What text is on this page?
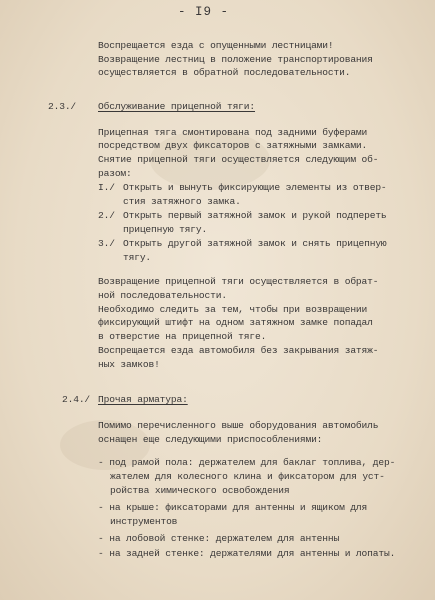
- I9 -
Воспрещается езда с опущенными лестницами!
Возвращение лестниц в положение транспортирования
осуществляется в обратной последовательности.
2.3./ Обслуживание прицепной тяги:
Прицепная тяга смонтирована под задними буферами
посредством двух фиксаторов с затяжными замками.
Снятие прицепной тяги осуществляется следующим об-
разом:
I./ Открыть и вынуть фиксирующие элементы из отвер-
стия затяжного замка.
2./ Открыть первый затяжной замок и рукой подпереть
прицепную тягу.
3./ Открыть другой затяжной замок и снять прицепную
тягу.
Возвращение прицепной тяги осуществляется в обрат-
ной последовательности.
Необходимо следить за тем, чтобы при возвращении
фиксирующий штифт на одном затяжном замке попадал
в отверстие на прицепной тяге.
Воспрещается езда автомобиля без закрывания затяж-
ных замков!
2.4./ Прочая арматура:
Помимо перечисленного выше оборудования автомобиль
оснащен еще следующими приспособлениями:
- под рамой пола: держателем для баклаг топлива, дер-
жателем для колесного клина и фиксатором для уст-
ройства химического освобождения
- на крыше: фиксаторами для антенны и ящиком для
инструментов
- на лобовой стенке: держателем для антенны
- на задней стенке: держателями для антенны и лопаты.
